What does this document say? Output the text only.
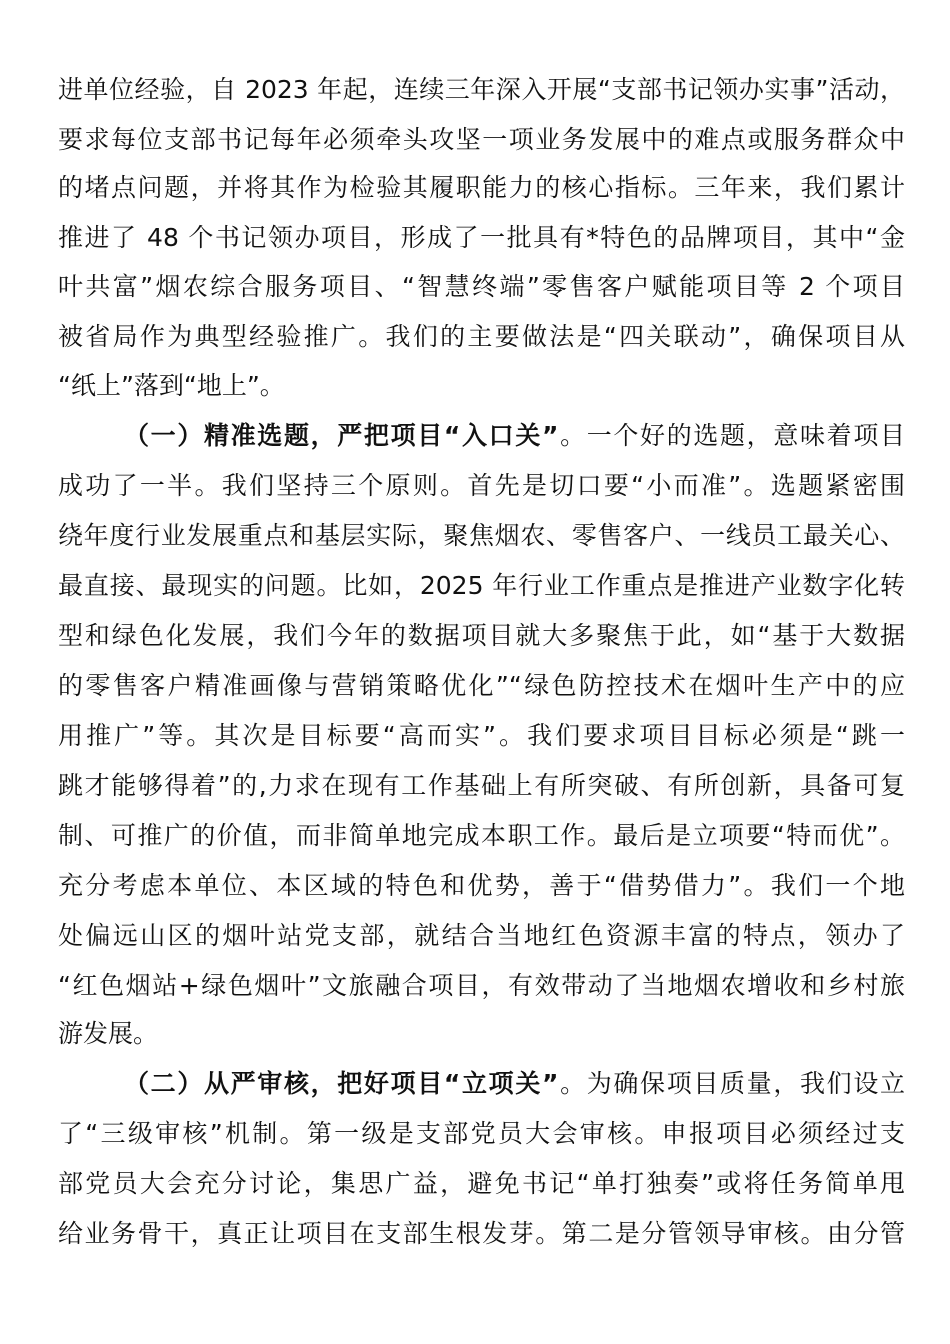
进单位经验，自 2023 年起，连续三年深入开展“支部书记领办实事”活动，
要求每位支部书记每年必须牵头攻坚一项业务发展中的难点或服务群众中
的堵点问题，并将其作为检验其履职能力的核心指标。三年来，我们累计
推进了 48 个书记领办项目，形成了一批具有*特色的品牌项目，其中“金
叶共富”烟农综合服务项目、“智慧终端”零售客户赋能项目等 2 个项目
被省局作为典型经验推广。我们的主要做法是“四关联动”，确保项目从
“纸上”落到“地上”。
（一）精准选题，严把项目“入口关”。一个好的选题，意味着项目
成功了一半。我们坚持三个原则。首先是切口要“小而准”。选题紧密围
绕年度行业发展重点和基层实际，聚焦烟农、零售客户、一线员工最关心、
最直接、最现实的问题。比如，2025 年行业工作重点是推进产业数字化转
型和绿色化发展，我们今年的数据项目就大多聚焦于此，如“基于大数据
的零售客户精准画像与营销策略优化”“绿色防控技术在烟叶生产中的应
用推广”等。其次是目标要“高而实”。我们要求项目目标必须是“跳一
跳才能够得着”的,力求在现有工作基础上有所突破、有所创新，具备可复
制、可推广的价值，而非简单地完成本职工作。最后是立项要“特而优”。
充分考虑本单位、本区域的特色和优势，善于“借势借力”。我们一个地
处偏远山区的烟叶站党支部，就结合当地红色资源丰富的特点，领办了
“红色烟站+绿色烟叶”文旅融合项目，有效带动了当地烟农增收和乡村旅
游发展。
（二）从严审核，把好项目“立项关”。为确保项目质量，我们设立
了“三级审核”机制。第一级是支部党员大会审核。申报项目必须经过支
部党员大会充分讨论，集思广益，避免书记“单打独奏”或将任务简单甩
给业务骨干，真正让项目在支部生根发芽。第二是分管领导审核。由分管
